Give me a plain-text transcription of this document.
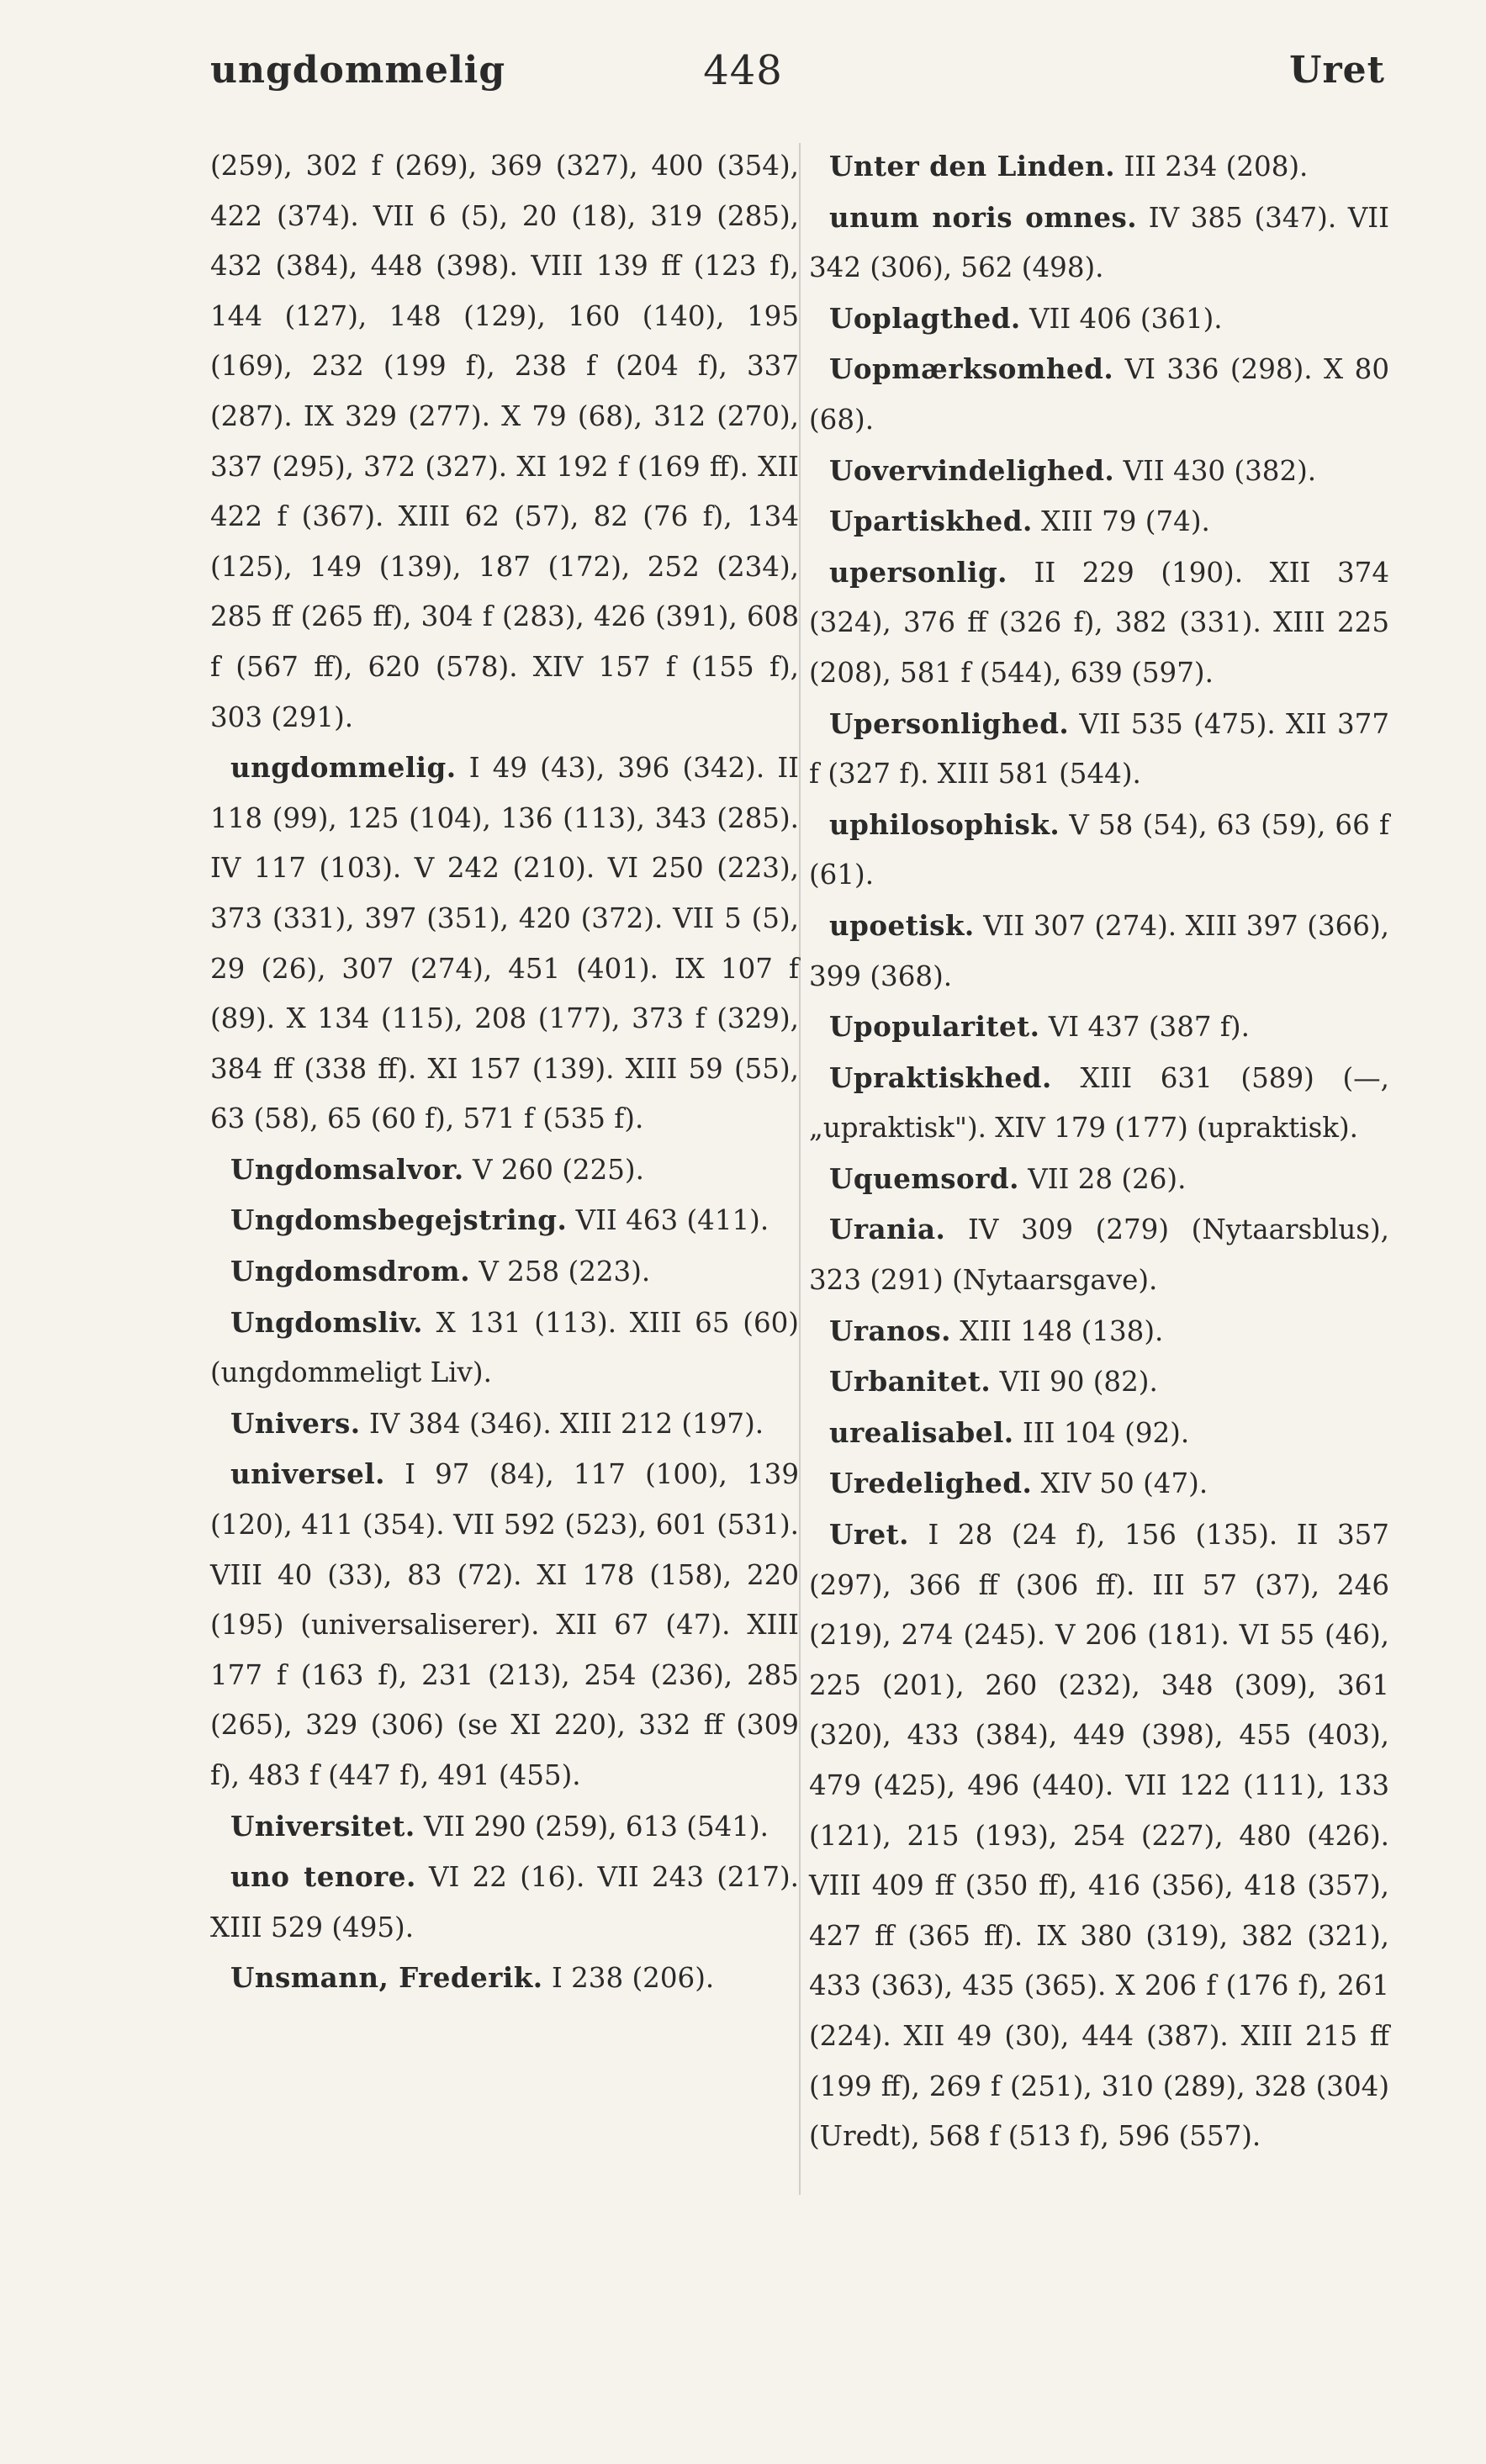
ungdommelig	448	Uret

(259), 302 f (269), 369 (327), 400 (354), 422 (374). VII 6 (5), 20 (18), 319 (285), 432 (384), 448 (398). VIII 139 ff (123 f), 144 (127), 148 (129), 160 (140), 195 (169), 232 (199 f), 238 f (204 f), 337 (287). IX 329 (277). X 79 (68), 312 (270), 337 (295), 372 (327). XI 192 f (169 ff). XII 422 f (367). XIII 62 (57), 82 (76 f), 134 (125), 149 (139), 187 (172), 252 (234), 285 ff (265 ff), 304 f (283), 426 (391), 608 f (567 ff), 620 (578). XIV 157 f (155 f), 303 (291).

ungdommelig. I 49 (43), 396 (342). II 118 (99), 125 (104), 136 (113), 343 (285). IV 117 (103). V 242 (210). VI 250 (223), 373 (331), 397 (351), 420 (372). VII 5 (5), 29 (26), 307 (274), 451 (401). IX 107 f (89). X 134 (115), 208 (177), 373 f (329), 384 ff (338 ff). XI 157 (139). XIII 59 (55), 63 (58), 65 (60 f), 571 f (535 f).

Ungdomsalvor. V 260 (225).

Ungdomsbegejstring. VII 463 (411).

Ungdomsdrom. V 258 (223).

Ungdomsliv. X 131 (113). XIII 65 (60) (ungdommeligt Liv).

Univers. IV 384 (346). XIII 212 (197).

universel. I 97 (84), 117 (100), 139 (120), 411 (354). VII 592 (523), 601 (531). VIII 40 (33), 83 (72). XI 178 (158), 220 (195) (universaliserer). XII 67 (47). XIII 177 f (163 f), 231 (213), 254 (236), 285 (265), 329 (306) (se XI 220), 332 ff (309 f), 483 f (447 f), 491 (455).

Universitet. VII 290 (259), 613 (541).

uno tenore. VI 22 (16). VII 243 (217). XIII 529 (495).

Unsmann, Frederik. I 238 (206).

Unter den Linden. III 234 (208).

unum noris omnes. IV 385 (347). VII 342 (306), 562 (498).

Uoplagthed. VII 406 (361).

Uopmærksomhed. VI 336 (298). X 80 (68).

Uovervindelighed. VII 430 (382).

Upartiskhed. XIII 79 (74).

upersonlig. II 229 (190). XII 374 (324), 376 ff (326 f), 382 (331). XIII 225 (208), 581 f (544), 639 (597).

Upersonlighed. VII 535 (475). XII 377 f (327 f). XIII 581 (544).

uphilosophisk. V 58 (54), 63 (59), 66 f (61).

upoetisk. VII 307 (274). XIII 397 (366), 399 (368).

Upopularitet. VI 437 (387 f).

Upraktiskhed. XIII 631 (589) (—, „upraktisk"). XIV 179 (177) (upraktisk).

Uquemsord. VII 28 (26).

Urania. IV 309 (279) (Nytaarsblus), 323 (291) (Nytaarsgave).

Uranos. XIII 148 (138).

Urbanitet. VII 90 (82).

urealisabel. III 104 (92).

Uredelighed. XIV 50 (47).

Uret. I 28 (24 f), 156 (135). II 357 (297), 366 ff (306 ff). III 57 (37), 246 (219), 274 (245). V 206 (181). VI 55 (46), 225 (201), 260 (232), 348 (309), 361 (320), 433 (384), 449 (398), 455 (403), 479 (425), 496 (440). VII 122 (111), 133 (121), 215 (193), 254 (227), 480 (426). VIII 409 ff (350 ff), 416 (356), 418 (357), 427 ff (365 ff). IX 380 (319), 382 (321), 433 (363), 435 (365). X 206 f (176 f), 261 (224). XII 49 (30), 444 (387). XIII 215 ff (199 ff), 269 f (251), 310 (289), 328 (304) (Uredt), 568 f (513 f), 596 (557).
